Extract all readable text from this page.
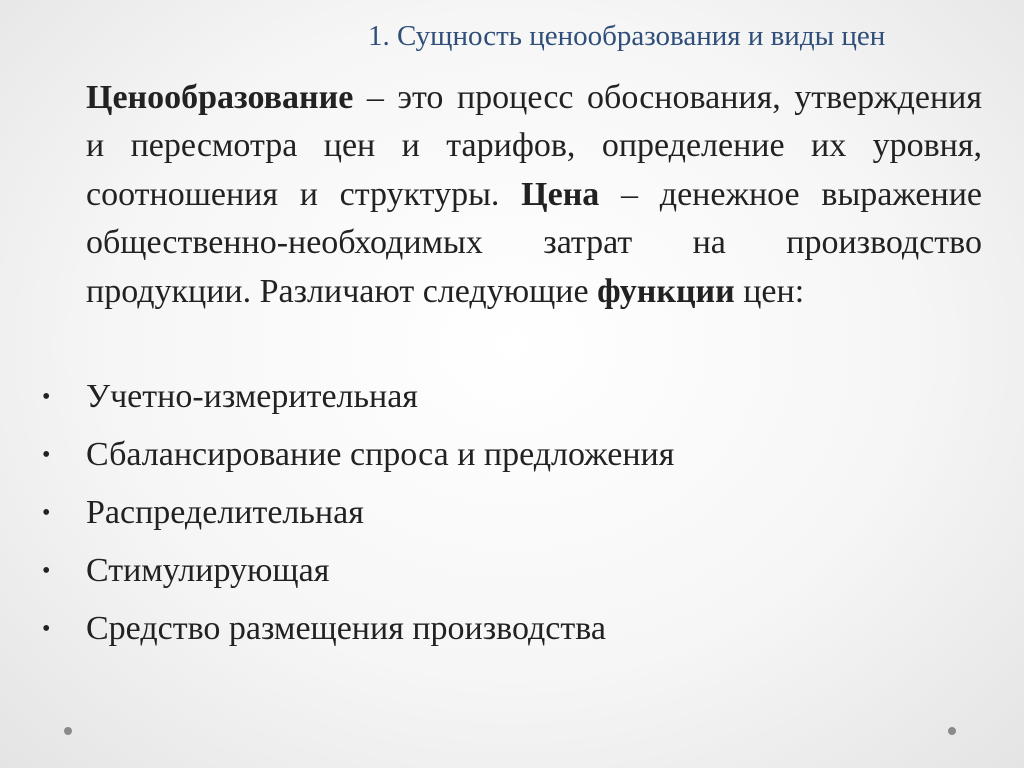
1. Сущность ценообразования и виды цен

Ценообразование – это процесс обоснования, утверждения и пересмотра цен и тарифов, определение их уровня, соотношения и структуры. Цена – денежное выражение общественно-необходимых затрат на производство продукции. Различают следующие функции цен:

• Учетно-измерительная
• Сбалансирование спроса и предложения
• Распределительная
• Стимулирующая
• Средство размещения производства
